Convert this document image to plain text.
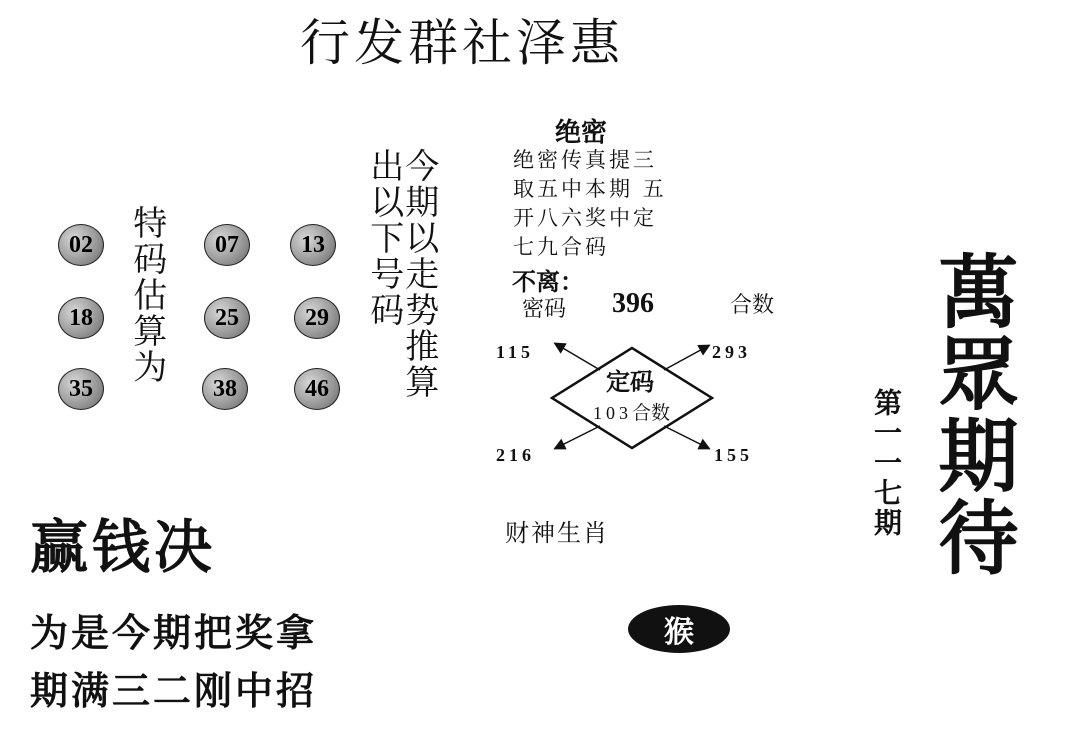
行发群社泽惠
02	07	13
18	25	29
35	38	46
特码估算为	今期以走势推算
出以下号码
绝密
绝密传真提三
取五中本期 五
开八六奖中定
七九合码
不离：
密码 396	合数
115	293
216	155
定码
103合数
财神生肖
猴
赢钱决
为是今期把奖拿
期满三二刚中招
第一一七期 萬眾期待
